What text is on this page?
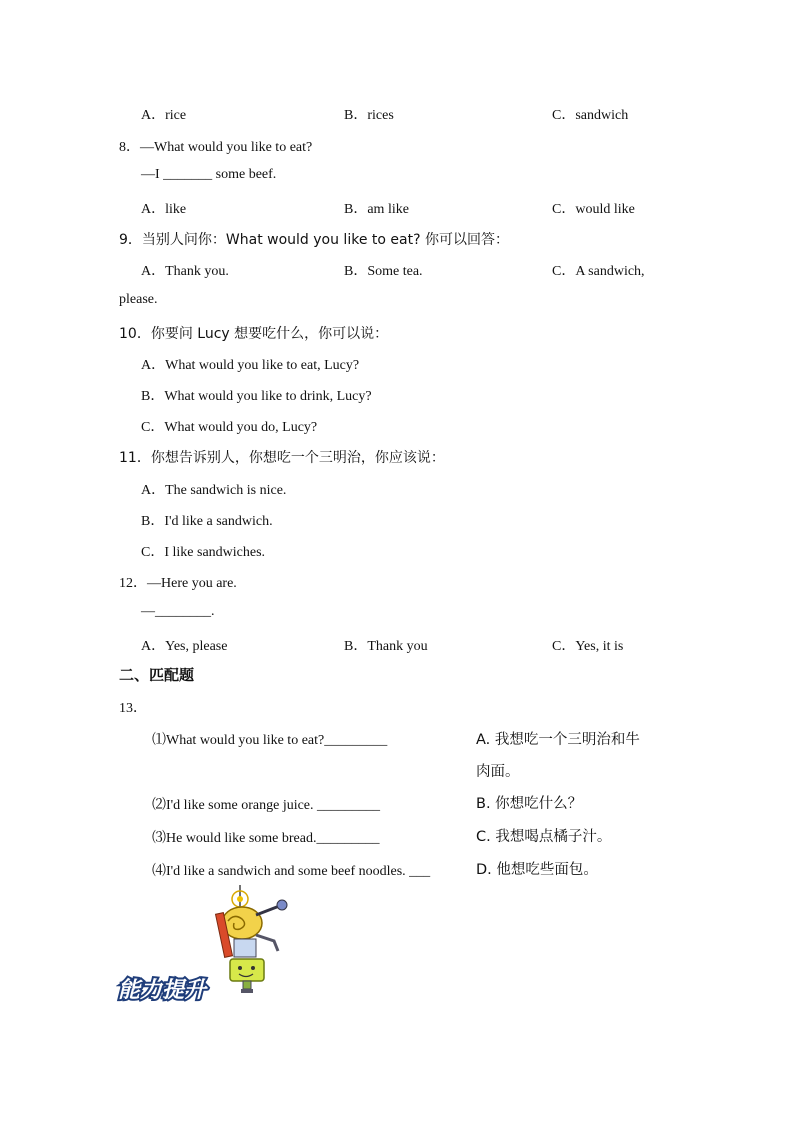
A．rice	B．rices	C．sandwich
8．—What would you like to eat?
—I _______ some beef.
A．like	B．am like	C．would like
9．当别人问你：What would you like to eat? 你可以回答：
A．Thank you.	B．Some tea.	C．A sandwich,
please.
10．你要问 Lucy 想要吃什么，你可以说：
A．What would you like to eat, Lucy?
B．What would you like to drink, Lucy?
C．What would you do, Lucy?
11．你想告诉别人，你想吃一个三明治，你应该说：
A．The sandwich is nice.
B．I'd like a sandwich.
C．I like sandwiches.
12．—Here you are.
—________.
A．Yes, please	B．Thank you	C．Yes, it is
二、匹配题
13．
⑴What would you like to eat?_________	A. 我想吃一个三明治和牛
肉面。
⑵I'd like some orange juice. _________	B. 你想吃什么？
⑶He would like some bread._________	C. 我想喝点橘子汁。
⑷I'd like a sandwich and some beef noodles. ___	D. 他想吃些面包。
能力提升
